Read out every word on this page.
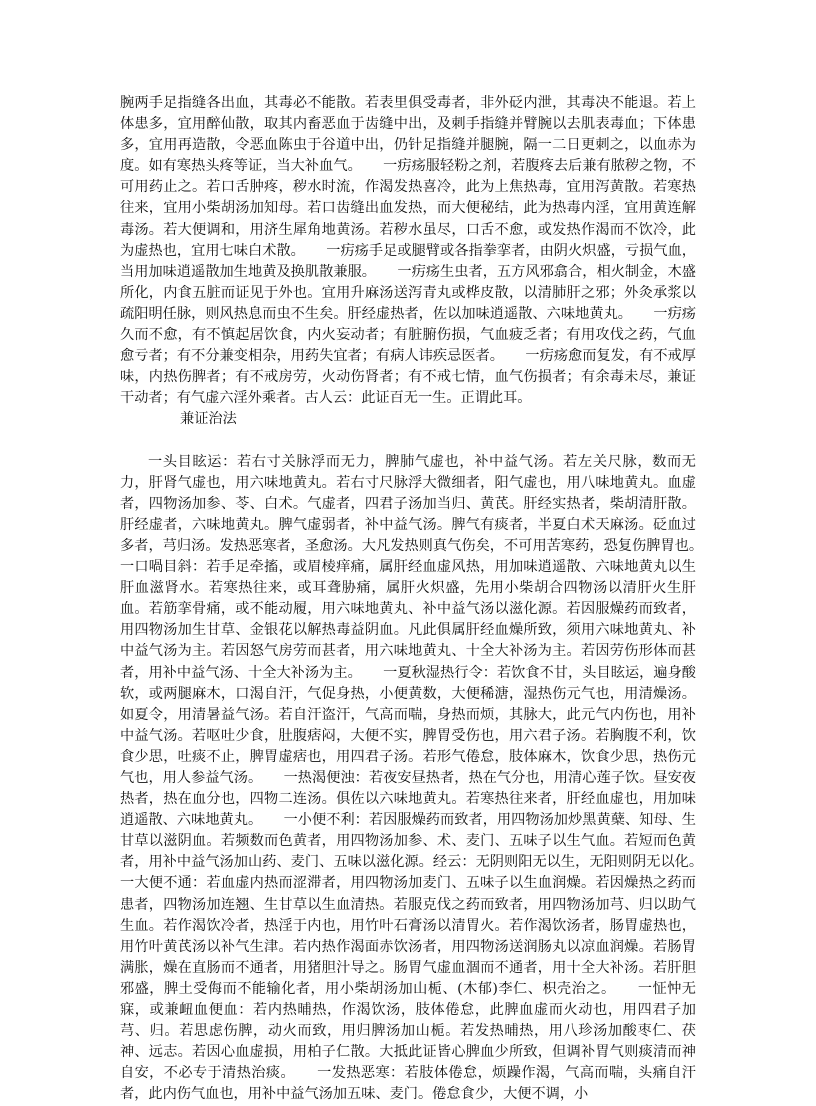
腕两手足指缝各出血，其毒必不能散。若表里俱受毒者，非外砭内泄，其毒决不能退。若上体患多，宜用醉仙散，取其内畜恶血于齿缝中出，及刺手指缝并臂腕以去肌表毒血；下体患多，宜用再造散，令恶血陈虫于谷道中出，仍针足指缝并腿腕，隔一二日更刺之，以血赤为度。如有寒热头疼等证，当大补血气。　　一疠疡服轻粉之剂，若腹疼去后兼有脓秽之物，不可用药止之。若口舌肿疼，秽水时流，作渴发热喜冷，此为上焦热毒，宜用泻黄散。若寒热往来，宜用小柴胡汤加知母。若口齿缝出血发热，而大便秘结，此为热毒内淫，宜用黄连解毒汤。若大便调和，用济生犀角地黄汤。若秽水虽尽，口舌不愈，或发热作渴而不饮冷，此为虚热也，宜用七味白术散。　　一疠疡手足或腿臂或各指拳挛者，由阴火炽盛，亏损气血，当用加味逍遥散加生地黄及换肌散兼服。　　一疠疡生虫者，五方风邪翕合，相火制金，木盛所化，内食五脏而证见于外也。宜用升麻汤送泻青丸或桦皮散，以清肺肝之邪；外灸承浆以疏阳明任脉，则风热息而虫不生矣。肝经虚热者，佐以加味逍遥散、六味地黄丸。　　一疠疡久而不愈，有不慎起居饮食，内火妄动者；有脏腑伤损，气血疲乏者；有用攻伐之药，气血愈亏者；有不分兼变相杂，用药失宜者；有病人讳疾忌医者。　　一疠疡愈而复发，有不戒厚味，内热伤脾者；有不戒房劳，火动伤肾者；有不戒七情，血气伤损者；有余毒未尽，兼证干动者；有气虚六淫外乘者。古人云：此证百无一生。正谓此耳。

兼证治法

一头目眩运：若右寸关脉浮而无力，脾肺气虚也，补中益气汤。若左关尺脉，数而无力，肝肾气虚也，用六味地黄丸。若右寸尺脉浮大微细者，阳气虚也，用八味地黄丸。血虚者，四物汤加参、苓、白术。气虚者，四君子汤加当归、黄芪。肝经实热者，柴胡清肝散。肝经虚者，六味地黄丸。脾气虚弱者，补中益气汤。脾气有痰者，半夏白术天麻汤。砭血过多者，芎归汤。发热恶寒者，圣愈汤。大凡发热则真气伤矣，不可用苦寒药，恐复伤脾胃也。　　一口喎目斜：若手足牵搐，或眉棱痒痛，属肝经血虚风热，用加味逍遥散、六味地黄丸以生肝血滋肾水。若寒热往来，或耳聋胁痛，属肝火炽盛，先用小柴胡合四物汤以清肝火生肝血。若筋挛骨痛，或不能动履，用六味地黄丸、补中益气汤以滋化源。若因服燥药而致者，用四物汤加生甘草、金银花以解热毒益阴血。凡此俱属肝经血燥所致，须用六味地黄丸、补中益气汤为主。若因怒气房劳而甚者，用六味地黄丸、十全大补汤为主。若因劳伤形体而甚者，用补中益气汤、十全大补汤为主。　　一夏秋湿热行令：若饮食不甘，头目眩运，遍身酸软，或两腿麻木，口渴自汗，气促身热，小便黄数，大便稀溏，湿热伤元气也，用清燥汤。如夏令，用清暑益气汤。若自汗盗汗，气高而喘，身热而烦，其脉大，此元气内伤也，用补中益气汤。若呕吐少食，肚腹痞闷，大便不实，脾胃受伤也，用六君子汤。若胸腹不利，饮食少思，吐痰不止，脾胃虚痞也，用四君子汤。若形气倦怠，肢体麻木，饮食少思，热伤元气也，用人参益气汤。　　一热渴便浊：若夜安昼热者，热在气分也，用清心莲子饮。昼安夜热者，热在血分也，四物二连汤。俱佐以六味地黄丸。若寒热往来者，肝经血虚也，用加味逍遥散、六味地黄丸。　　一小便不利：若因服燥药而致者，用四物汤加炒黑黄蘖、知母、生甘草以滋阴血。若频数而色黄者，用四物汤加参、术、麦门、五味子以生气血。若短而色黄者，用补中益气汤加山药、麦门、五味以滋化源。经云：无阴则阳无以生，无阳则阴无以化。　　一大便不通：若血虚内热而涩滞者，用四物汤加麦门、五味子以生血润燥。若因燥热之药而患者，四物汤加连翘、生甘草以生血清热。若服克伐之药而致者，用四物汤加芎、归以助气生血。若作渴饮冷者，热淫于内也，用竹叶石膏汤以清胃火。若作渴饮汤者，肠胃虚热也，用竹叶黄芪汤以补气生津。若内热作渴面赤饮汤者，用四物汤送润肠丸以凉血润燥。若肠胃满胀，燥在直肠而不通者，用猪胆汁导之。肠胃气虚血涸而不通者，用十全大补汤。若肝胆邪盛，脾土受侮而不能输化者，用小柴胡汤加山栀、(木郁)李仁、枳壳治之。　　一怔忡无寐，或兼衄血便血：若内热晡热，作渴饮汤，肢体倦怠，此脾血虚而火动也，用四君子加芎、归。若思虑伤脾，动火而致，用归脾汤加山栀。若发热晡热，用八珍汤加酸枣仁、茯神、远志。若因心血虚损，用柏子仁散。大抵此证皆心脾血少所致，但调补胃气则痰清而神自安，不必专于清热治痰。　　一发热恶寒：若肢体倦怠，烦躁作渴，气高而喘，头痛自汗者，此内伤气血也，用补中益气汤加五味、麦门。倦怠食少，大便不调，小
